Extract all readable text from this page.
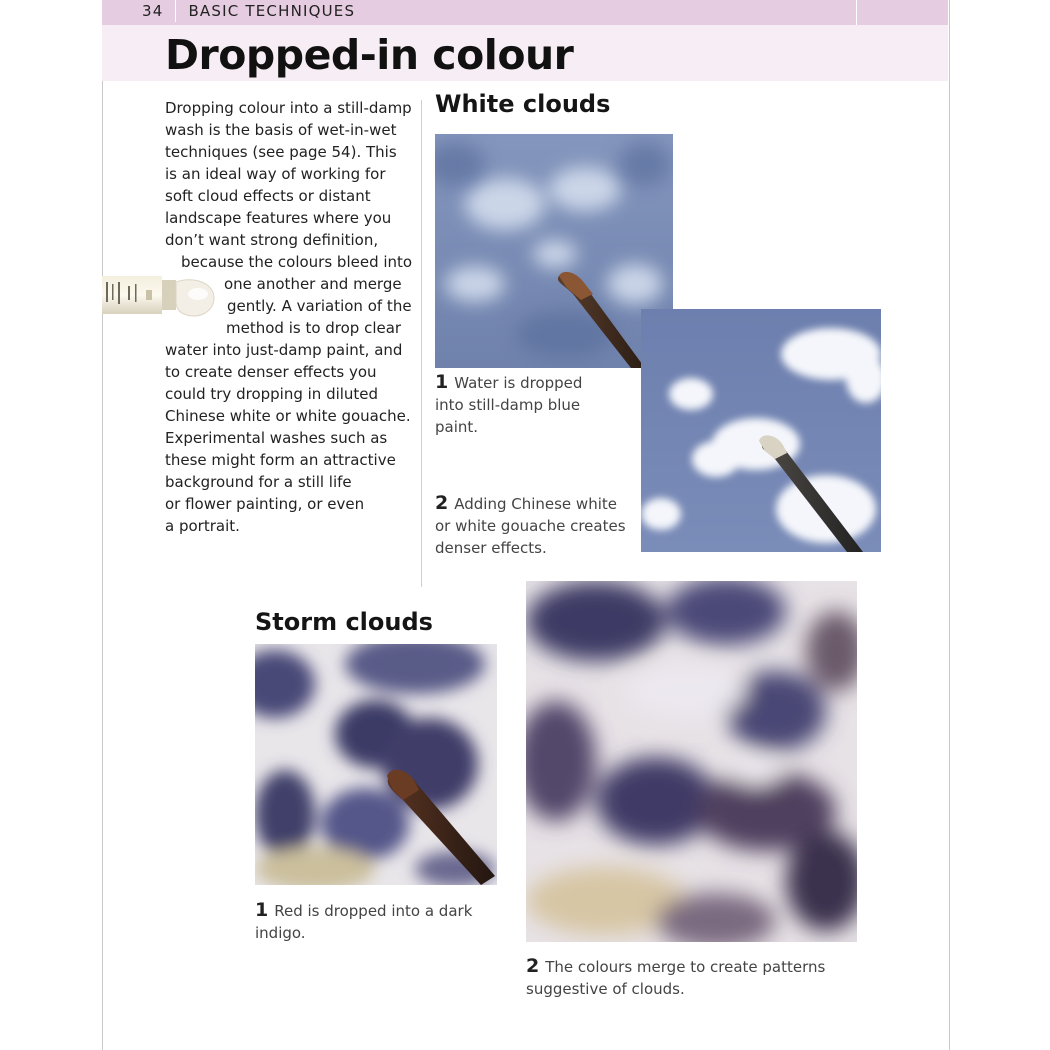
34 BASIC TECHNIQUES
Dropped-in colour
Dropping colour into a still-damp
wash is the basis of wet-in-wet
techniques (see page 54). This
is an ideal way of working for
soft cloud effects or distant
landscape features where you
don’t want strong definition,
because the colours bleed into
one another and merge
gently. A variation of the
method is to drop clear
water into just-damp paint, and
to create denser effects you
could try dropping in diluted
Chinese white or white gouache.
Experimental washes such as
these might form an attractive
background for a still life
or flower painting, or even
a portrait.
White clouds
1 Water is dropped
into still-damp blue
paint.
2 Adding Chinese white
or white gouache creates
denser effects.
Storm clouds
1 Red is dropped into a dark
indigo.
2 The colours merge to create patterns
suggestive of clouds.
